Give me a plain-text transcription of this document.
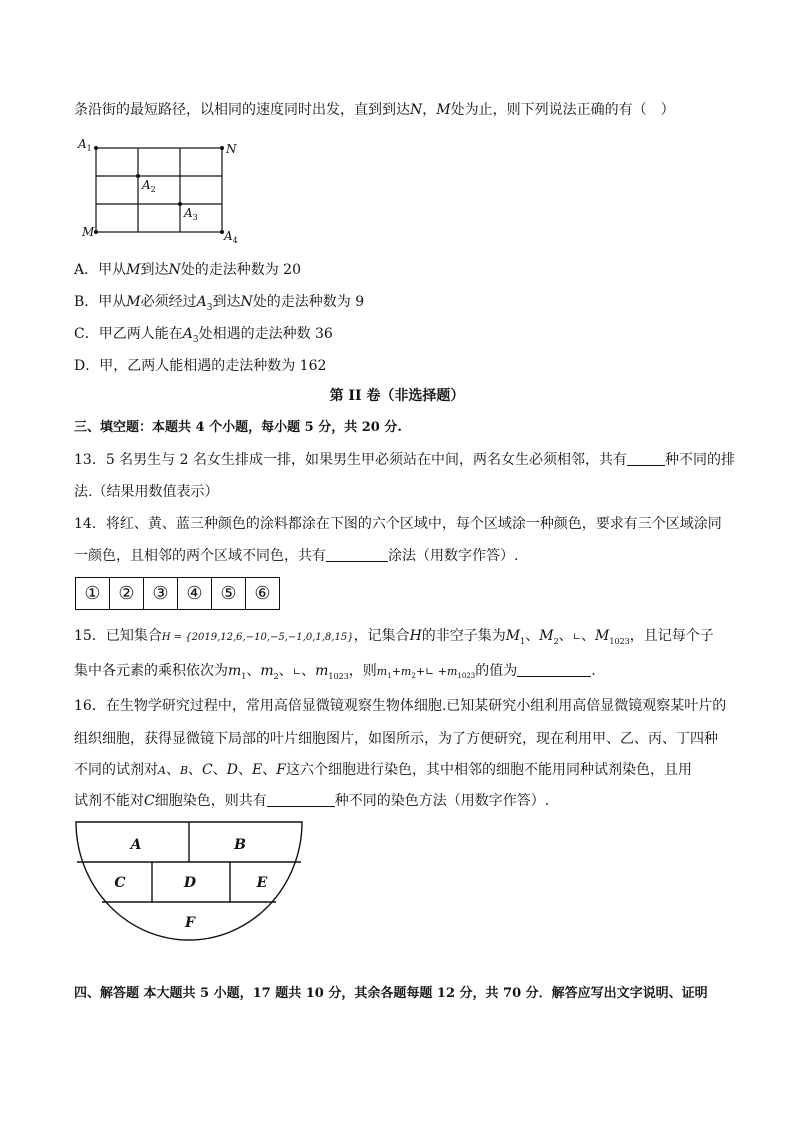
条沿街的最短路径，以相同的速度同时出发，直到到达N，M处为止，则下列说法正确的有（　）
$A_1$	N
$A_2$
$A_3$
M	$A_4$
A．甲从M到达N处的走法种数为 20
B．甲从M必须经过$A_3$到达N处的走法种数为 9
C．甲乙两人能在$A_3$处相遇的走法种数 36
D．甲，乙两人能相遇的走法种数为 162
第 II 卷（非选择题）
三、填空题：本题共 4 个小题，每小题 5 分，共 20 分.
13．5 名男生与 2 名女生排成一排，如果男生甲必须站在中间，两名女生必须相邻，共有	种不同的排
法.（结果用数值表示）
14．将红、黄、蓝三种颜色的涂料都涂在下图的六个区域中，每个区域涂一种颜色，要求有三个区域涂同
一颜色，且相邻的两个区域不同色，共有	涂法（用数字作答）.
① ② ③ ④ ⑤ ⑥
15．已知集合H = {2019,12,6,−10,−5,−1,0,1,8,15}，记集合H的非空子集为$M_1$、$M_2$、∟、$M_{1023}$，且记每个子
集中各元素的乘积依次为$m_1$、$m_2$、∟、$m_{1023}$，则$m_1+m_2+∟ +m_{1023}$的值为	.
16．在生物学研究过程中，常用高倍显微镜观察生物体细胞.已知某研究小组利用高倍显微镜观察某叶片的
组织细胞，获得显微镜下局部的叶片细胞图片，如图所示，为了方便研究，现在利用甲、乙、丙、丁四种
不同的试剂对A、B、C、D、E、F这六个细胞进行染色，其中相邻的细胞不能用同种试剂染色，且用
试剂不能对C细胞染色，则共有	种不同的染色方法（用数字作答）.
A	B
C	D	E
F
四、解答题 本大题共 5 小题，17 题共 10 分，其余各题每题 12 分，共 70 分．解答应写出文字说明、证明
